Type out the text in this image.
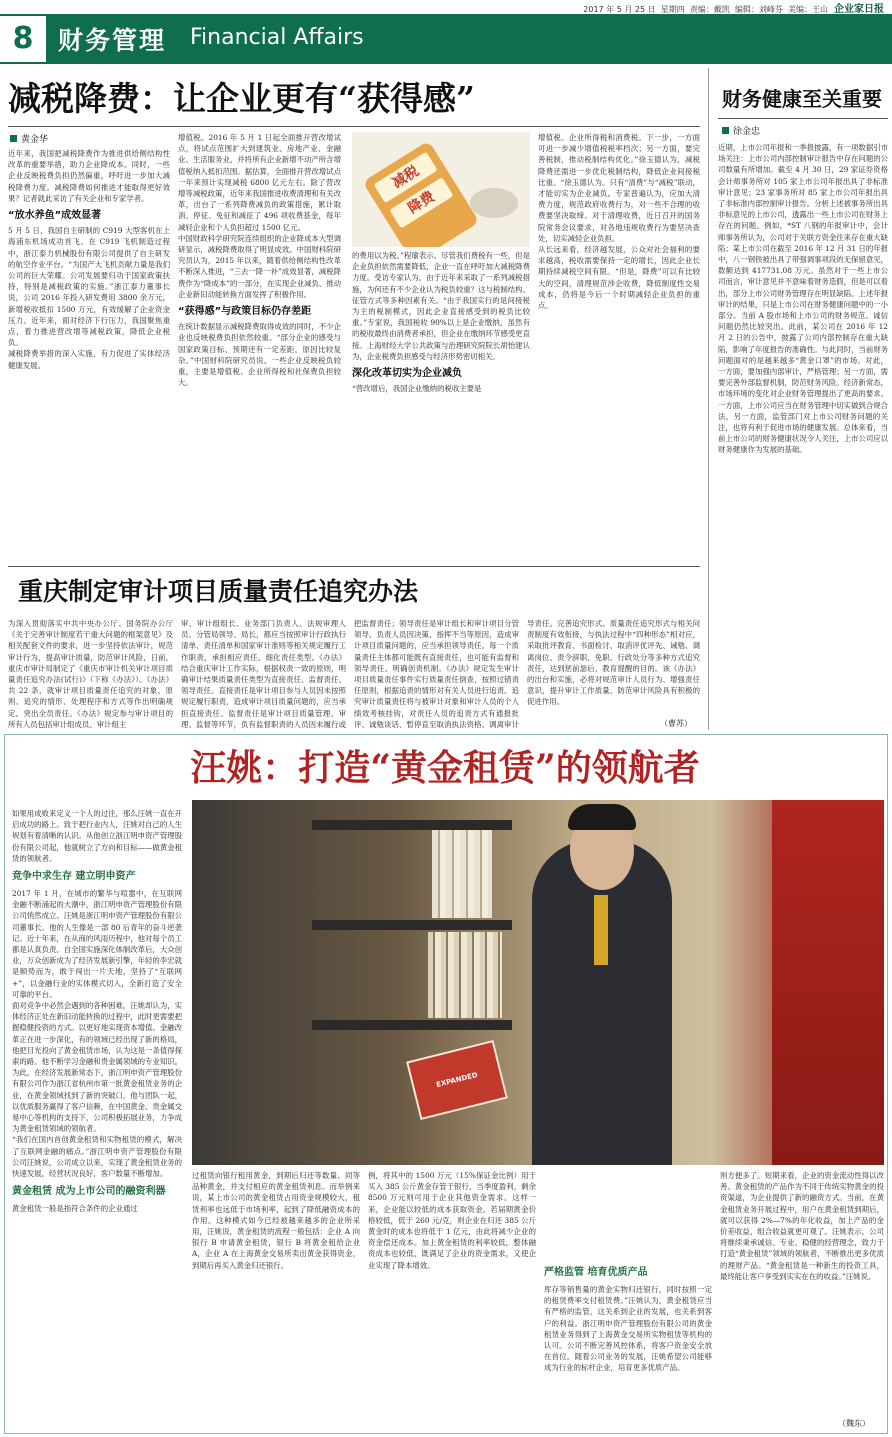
2017 年 5 月 25 日 星期四 责编：戴凯 编辑：刘峰芬 美编：王山 企业家日报
8 财务管理 Financial Affairs
减税降费：让企业更有“获得感”
黄金华

近年来，我国把减税降费作为推进供给侧结构性改革的重要举措，助力企业降成本。同时，一些企业反映税费负担仍然偏重，呼吁进一步加大减税降费力度。减税降费如何推进才能取得更好效果？记者就此采访了有关企业和专家学者。

“放水养鱼”成效显著

5 月 5 日，我国自主研制的 C919 大型客机在上海浦东机场成功首飞。在 C919 飞机制造过程中，浙江泰力机械股份有限公司提供了自主研发的航空作业平台。“为国产大飞机贡献力量是我们公司的巨大荣耀。公司发展要归功于国家政策扶持，特别是减税政策的实施。”浙江泰力董事长说，公司 2016 年投入研发费用 3800 余万元，新增税收抵扣 1500 万元，有效缓解了企业资金压力。近年来，面对经济下行压力，我国聚焦重点，着力推进营改增等减税政策，降低企业税负。

减税降费举措的深入实施，有力促进了实体经济健康发展。

增值税。2016 年 5 月 1 日起全面推开营改增试点，将试点范围扩大到建筑业、房地产业、金融业、生活服务业，并将所有企业新增不动产所含增值税纳入抵扣范围。据估算，全面推开营改增试点一年来预计实现减税 6800 亿元左右。除了营改增等减税政策，近年来我国推进收费清理和有关改革，出台了一系列降费减负的政策措施，累计取消、停征、免征和减征了 496 项收费基金，每年减轻企业和个人负担超过 1500 亿元。

中国财政科学研究院连续组织的企业降成本大型调研显示，减税降费取得了明显成效。中国财科院研究员认为，2015 年以来，随着供给侧结构性改革不断深入推进，“三去一降一补”成效显著，减税降费作为“降成本”的一部分，在实现企业减负、推动企业新旧动能转换方面发挥了积极作用。

“获得感”与政策目标仍存差距

在统计数据显示减税降费取得成效的同时，不少企业也反映税费负担依然较重。“部分企业的感受与国家政策目标、预期还有一定差距，原因比较复杂。”中国财科院研究员说。一些企业反映税负较重，主要是增值税、企业所得税和社保费负担较大。

减税
降费

的费用以为税。”程瑜表示。尽管我们费税有一些，但是企业负担依然需要降低，企业一直在呼吁加大减税降费力度。受访专家认为，由于近年来采取了一系列减税措施，为何还有不少企业认为税负较重？这与税制结构、征管方式等多种因素有关。“由于我国实行的是间接税为主的税制模式，因此企业直接感受到的税负比较重。”专家说，我国税收 90%以上是企业缴纳，虽然有的税收最终由消费者承担，但企业在缴纳环节感受更直接。上海财经大学公共政策与治理研究院院长胡怡建认为，企业税费负担感受与经济形势密切相关。

深化改革切实为企业减负

“营改增后，我国企业缴纳的税收主要是

增值税、企业所得税和消费税。下一步，一方面可进一步减少增值税税率档次；另一方面，要完善税制，推动税制结构优化。”徐玉德认为，减税降费还需进一步优化税制结构，降低企业间接税比重。“徐玉德认为。只有“清费”与“减税”联动，才能切实为企业减负。专家普遍认为，应加大清费力度，规范政府收费行为，对一些不合理的收费要坚决取缔。对于清理收费，近日召开的国务院常务会议要求，对各地违规收费行为要坚决查处，切实减轻企业负担。

从长远来看，经济越发展，公众对社会福利的要求越高，税收需要保持一定的增长，因此企业长期持续减税空间有限。“但是，降费”可以有比较大的空间，清理规范涉企收费，降低制度性交易成本，仍将是今后一个时期减轻企业负担的重点。

财务健康至关重要
徐金忠

近期，上市公司年报和一季报披露，有一项数据引市场关注：上市公司内部控制审计报告中存在问题的公司数量有所增加。截至 4 月 30 日，29 家证券资格会计师事务所对 105 家上市公司年报出具了非标准审计意见；23 家事务所对 85 家上市公司年报出具了非标准内部控制审计报告。分析上述被事务所出具非标意见的上市公司，透露出一些上市公司在财务上存在的问题。例如，*ST 八钢的年报审计中，会计师事务所认为，公司对于关联方资金往来存在重大缺陷；某上市公司在截至 2016 年 12 月 31 日的年报中，八一钢铁被出具了带强调事项段的无保留意见，数额达到 417731.08 万元。虽然对于一些上市公司而言，审计意见并不意味着财务造假，但是可以看出，部分上市公司财务管理存在明显缺陷。上述年报审计的结果，只是上市公司在财务健康问题中的一小部分。当前 A 股市场和上市公司的财务规范、诚信问题仍然比较突出。此前，某公司在 2016 年 12 月 2 日的公告中，披露了公司内部控制存在重大缺陷，影响了年度报告的准确性。与此同时，当前财务问题面对的是越来越多“黄金口罩”的市场。对此，一方面，要加强内部审计，严格管理；另一方面，需要完善外部监督机制，防范财务风险。经济新常态，市场环境的变化对企业财务管理提出了更高的要求。一方面，上市公司应当在财务管理中切实做到合规合法，另一方面，监管部门对上市公司财务问题的关注，也将有利于促进市场的健康发展。总体来看，当前上市公司的财务健康状况令人关注，上市公司应以财务健康作为发展的基础。

重庆制定审计项目质量责任追究办法

为深入贯彻落实中共中央办公厅、国务院办公厅《关于完善审计制度若干重大问题的框架意见》及相关配套文件的要求，进一步坚持依法审计，规范审计行为，提高审计质量，防范审计风险，日前，重庆市审计局制定了《重庆市审计机关审计项目质量责任追究办法(试行)》（下称《办法》）。《办法》共 22 条，就审计项目质量责任追究的对象、原则、追究的情形、处理程序和方式等作出明确规定。突出全员责任。《办法》规定参与审计项目的所有人员包括审计组成员、审计组主

审、审计组组长、业务部门负责人、法规审理人员、分管局领导、局长，都应当按照审计行政执行清单、责任清单和国家审计准则等相关规定履行工作职责，承担相应责任。细化责任类型。《办法》结合重庆审计工作实际，根据权责一致的原则，明确审计结果质量责任类型为直接责任、监督责任、领导责任。直接责任是审计项目参与人员因未按照规定履行职责，造成审计项目质量问题的，应当承担直接责任。监督责任是审计项目质量管理、审理、监督等环节，负有监督职责的人员因未履行或

把监督责任；领导责任是审计组长和审计项目分管领导、负责人员因决策、指挥不当等原因，造成审计项目质量问题的，应当承担领导责任。每一个质量责任主体都可能既有直接责任，也可能有监督和领导责任。明确创责机制。《办法》规定发生审计项目质量责任事件实行质量责任倒查，按照过错责任原则，根据追责的情形对有关人员进行追责。追究审计质量责任将与被审计对象和审计人员的个人绩效考核挂钩，对责任人员的追责方式有通报批评、诚勉谈话、暂停直至取消执法资格、调离审计

导责任。完善追究形式。质量责任追究形式与相关问责制度有效衔接，与执法过程中“四种形态”相对应，采取批评教育、书面检讨、取消评优评先、诫勉、调离岗位、责令辞职、免职、行政处分等多种方式追究责任，达到惩前毖后、教育提醒的目的。该《办法》的出台和实施，必将对规范审计人员行为、增强责任意识，提升审计工作质量、防范审计风险具有积极的促进作用。

（曹苏）
汪姚：打造“黄金租赁”的领航者
EXPANDED

如果用成败来定义一个人的过往，那么汪姚一直在开启成功的路上。致于把行业内人，汪姚对自己的人生规划有着清晰的认识。从他创立浙江明申资产管理股份有限公司起，他就树立了方向和目标——做黄金租赁的领航者。

竞争中求生存 建立明申资产

2017 年 1 月，在城市的繁华与喧嚣中，在互联网金融不断涌起的大潮中，浙江明申资产管理股份有限公司悄然成立。汪姚是浙江明申资产管理股份有限公司董事长。他的人生像是一部 80 后青年的奋斗逆袭记。近十年来，在从商的风雨历程中，他对每个员工都是认真负责。自全国实施深化体制改革后，大众创业，万众创新成为了经济发展新引擎，年轻的李宏就是顺势而为，敢于闯出一片天地，坚持了“互联网+”，以金融行业的实体模式切入，全新打造了安全可靠的平台。

面对竞争中必然会遇到的各种困难，汪姚却认为，实体经济正处在新旧动能转换的过程中，此时更需要把握稳健投资的方式。以更好地实现资本增值。金融改革正在进一步深化，有的领域已经出现了新的格局，他把目光投向了黄金租赁市场，认为这是一条值得探索的路。他不断学习金融和贵金属领域的专业知识。

为此，在经济发展新常态下，浙江明申资产管理股份有限公司作为浙江省杭州市第一批黄金租赁业务的企业，在黄金领域找到了新的突破口。他与团队一起，以优质服务赢得了客户信赖，在中国黄金、贵金属交易中心等机构的支持下，公司积极拓展业务，力争成为黄金租赁领域的领航者。

“我们在国内首创黄金租赁和实物租赁的模式，解决了互联网金融的痛点。”浙江明申资产管理股份有限公司汪姚说，公司成立以来，实现了黄金租赁业务的快速发展，经营状况良好，客户数量不断增加。

黄金租赁 成为上市公司的融资利器

黄金租赁一般是指符合条件的企业通过

过租赁向银行租用黄金，到期后归还等数量、同等品种黄金，并支付相应的黄金租赁利息。而举例来说，某上市公司的黄金租赁占用资金规模较大，租赁利率也远低于市场利率，起到了降低融资成本的作用。这种模式如今已经被越来越多的企业所采用，汪姚说，黄金租赁的流程一般包括：企业 A 向银行 B 申请黄金租赁，银行 B 将黄金租给企业 A，企业 A 在上海黄金交易所卖出黄金获得资金，到期后再买入黄金归还银行。

例，将其中的 1500 万元（15%保证金比例）用于买入 385 公斤黄金存管于银行，当季度盈利，剩余 8500 万元则可用于企业其他资金需求。这样一来，企业能以较低的成本获取资金。若届期黄金价格较低，低于 260 元/克，则企业在归还 385 公斤黄金时的成本也将低于 1 亿元，由此将减少企业的资金偿还成本。加上黄金租赁的利率较低，整体融资成本也较低，既满足了企业的资金需求，又使企业实现了降本增效。

严格监管 培育优质产品

库存等销售量的黄金实物归还银行，同时按照一定的租赁费率支付租赁费。”汪姚认为，黄金租赁应当有严格的监管，这关系到企业的发展，也关系到客户的利益。浙江明申资产管理股份有限公司的黄金租赁业务得到了上海黄金交易所实物租赁等机构的认可。公司不断完善风控体系，将客户资金安全放在首位。随着公司业务的发展，汪姚希望公司能够成为行业的标杆企业，培育更多优质产品。

则方便多了。短期来看，企业的资金流动性得以改善。黄金租赁的产品作为不同于传统实物黄金的投资渠道，为企业提供了新的融资方式。当前，在黄金租赁业务开展过程中，用户在黄金租赁到期后，就可以获得 2%—7%的年化收益，加上产品的金价差收益，组合收益就更可观了。汪姚表示，公司将继续秉承诚信、专业、稳健的经营理念，致力于打造“黄金租赁”领域的领航者，不断推出更多优质的理财产品。“黄金租赁是一种新生的投资工具，最终能让客户享受到实实在在的收益。”汪姚说。

（魏东）
